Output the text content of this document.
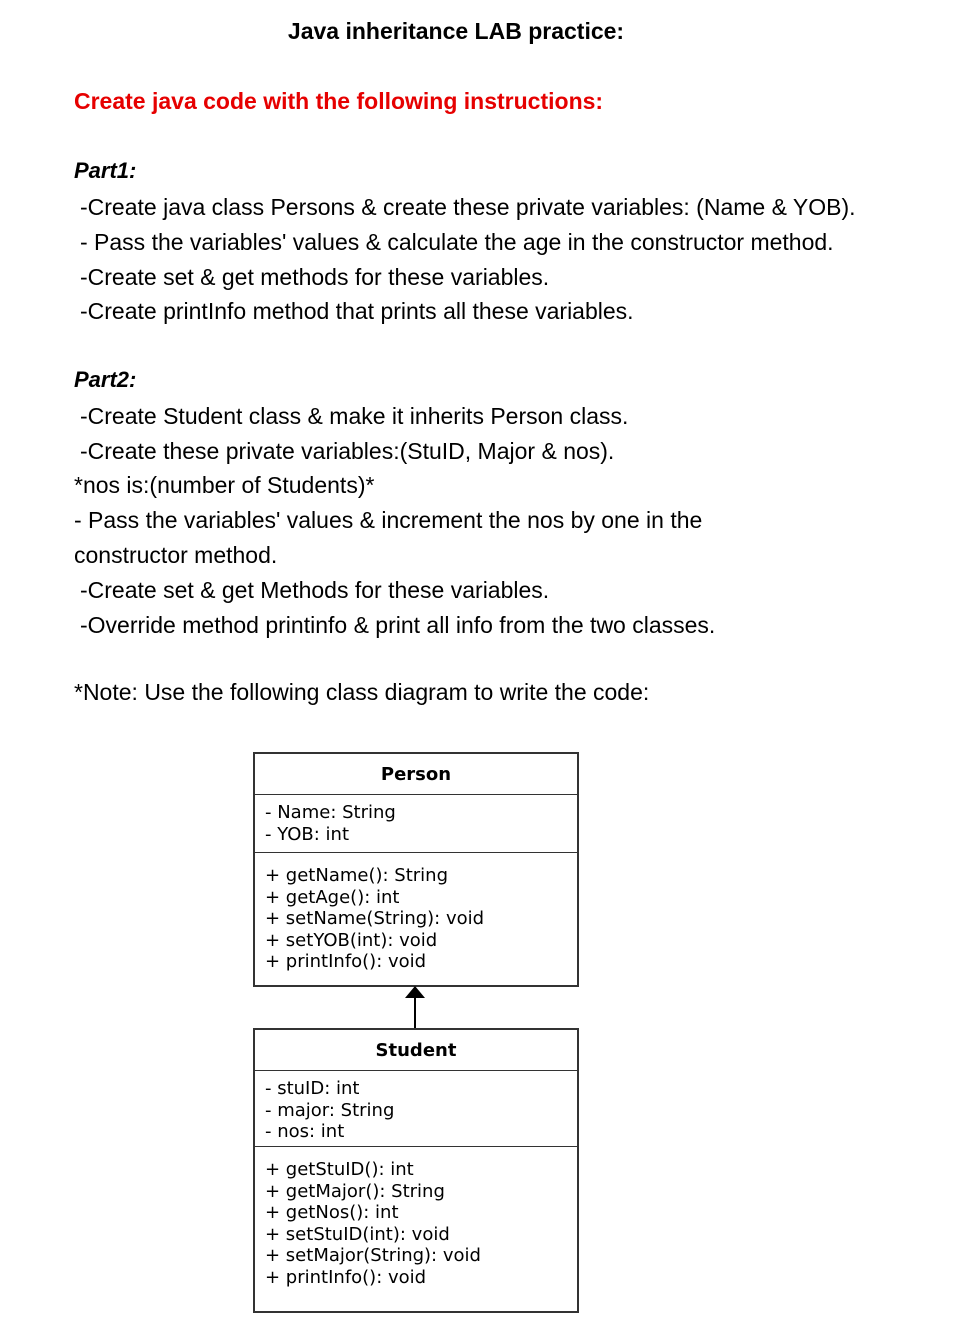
Java inheritance LAB practice:
Create java code with the following instructions:
Part1:
-Create java class Persons & create these private variables: (Name & YOB).
- Pass the variables' values & calculate the age in the constructor method.
-Create set & get methods for these variables.
-Create printInfo method that prints all these variables.
Part2:
-Create Student class & make it inherits Person class.
-Create these private variables:(StuID, Major & nos).
*nos is:(number of Students)*
- Pass the variables' values & increment the nos by one in the
constructor method.
-Create set & get Methods for these variables.
-Override method printinfo & print all info from the two classes.
*Note: Use the following class diagram to write the code:
Person
- Name: String
- YOB: int
+ getName(): String
+ getAge(): int
+ setName(String): void
+ setYOB(int): void
+ printInfo(): void
Student
- stuID: int
- major: String
- nos: int
+ getStuID(): int
+ getMajor(): String
+ getNos(): int
+ setStuID(int): void
+ setMajor(String): void
+ printInfo(): void
